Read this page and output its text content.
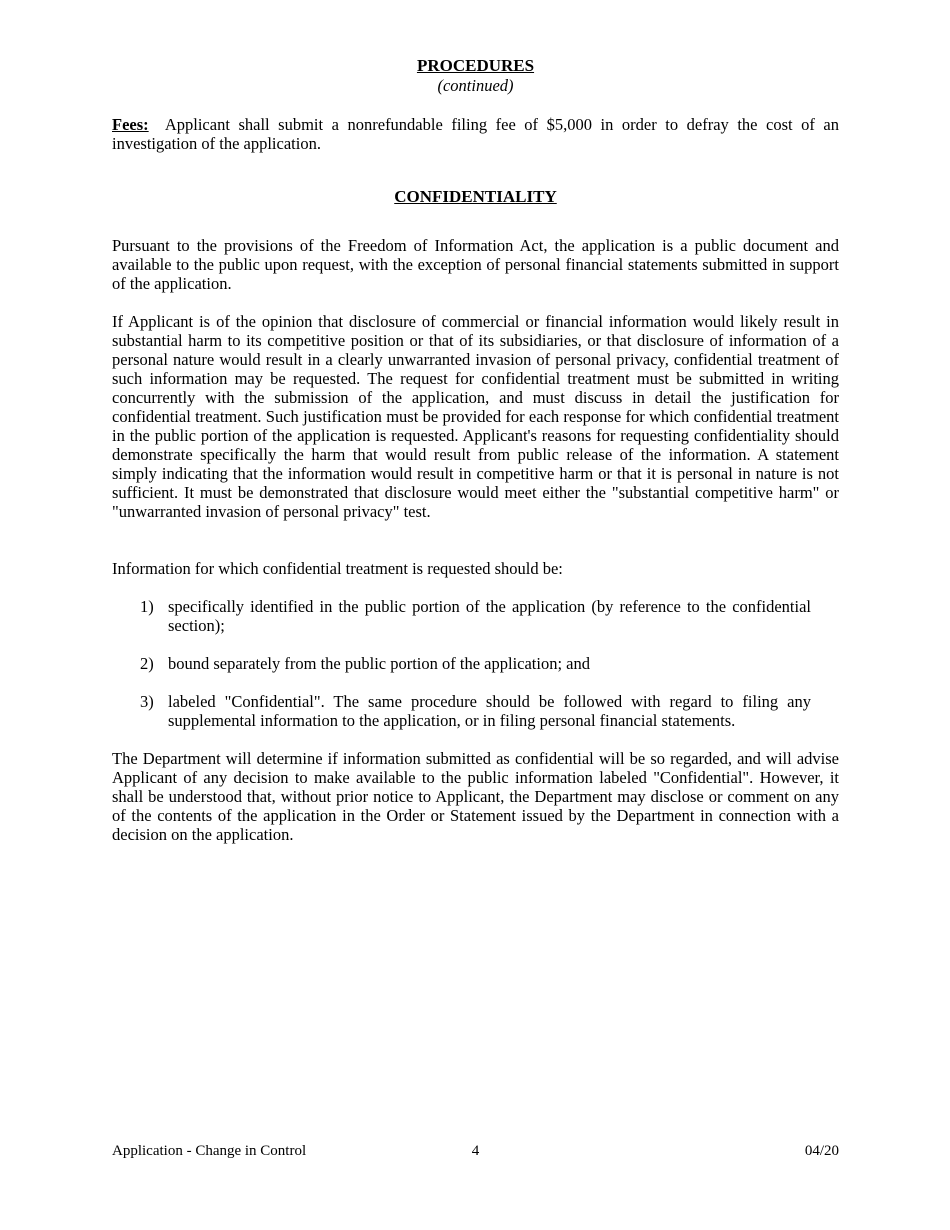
PROCEDURES
(continued)

Fees: Applicant shall submit a nonrefundable filing fee of $5,000 in order to defray the cost of an investigation of the application.

CONFIDENTIALITY

Pursuant to the provisions of the Freedom of Information Act, the application is a public document and available to the public upon request, with the exception of personal financial statements submitted in support of the application.

If Applicant is of the opinion that disclosure of commercial or financial information would likely result in substantial harm to its competitive position or that of its subsidiaries, or that disclosure of information of a personal nature would result in a clearly unwarranted invasion of personal privacy, confidential treatment of such information may be requested. The request for confidential treatment must be submitted in writing concurrently with the submission of the application, and must discuss in detail the justification for confidential treatment. Such justification must be provided for each response for which confidential treatment in the public portion of the application is requested. Applicant's reasons for requesting confidentiality should demonstrate specifically the harm that would result from public release of the information. A statement simply indicating that the information would result in competitive harm or that it is personal in nature is not sufficient. It must be demonstrated that disclosure would meet either the "substantial competitive harm" or "unwarranted invasion of personal privacy" test.

Information for which confidential treatment is requested should be:

1) specifically identified in the public portion of the application (by reference to the confidential section);
2) bound separately from the public portion of the application; and
3) labeled "Confidential". The same procedure should be followed with regard to filing any supplemental information to the application, or in filing personal financial statements.

The Department will determine if information submitted as confidential will be so regarded, and will advise Applicant of any decision to make available to the public information labeled "Confidential". However, it shall be understood that, without prior notice to Applicant, the Department may disclose or comment on any of the contents of the application in the Order or Statement issued by the Department in connection with a decision on the application.

Application - Change in Control	4	04/20
